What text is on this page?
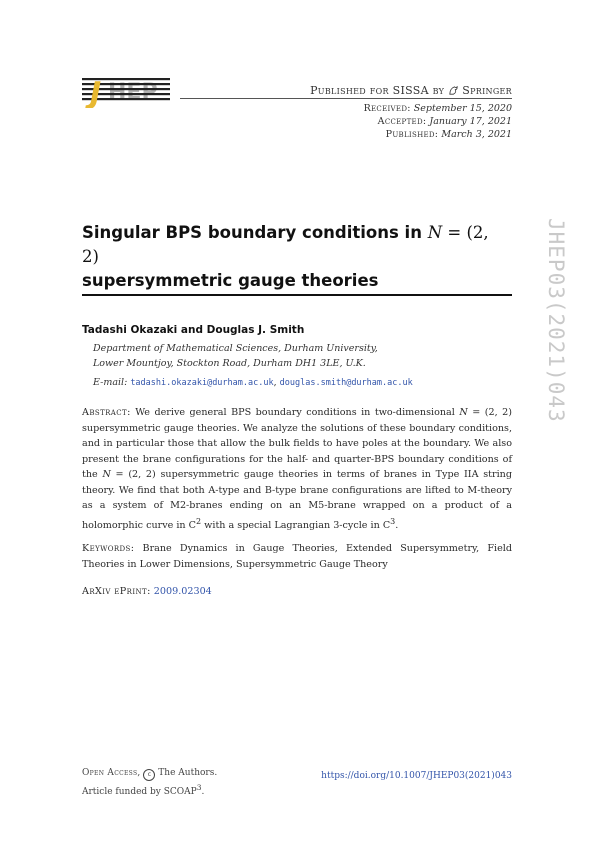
J HEP	Published for SISSA by Springer
Received: September 15, 2020
Accepted: January 17, 2021
Published: March 3, 2021
Singular BPS boundary conditions in N = (2, 2)
supersymmetric gauge theories
Tadashi Okazaki and Douglas J. Smith
Department of Mathematical Sciences, Durham University,
Lower Mountjoy, Stockton Road, Durham DH1 3LE, U.K.
E-mail: tadashi.okazaki@durham.ac.uk, douglas.smith@durham.ac.uk
Abstract: We derive general BPS boundary conditions in two-dimensional N = (2, 2) supersymmetric gauge theories. We analyze the solutions of these boundary conditions, and in particular those that allow the bulk fields to have poles at the boundary. We also present the brane configurations for the half- and quarter-BPS boundary conditions of the N = (2, 2) supersymmetric gauge theories in terms of branes in Type IIA string theory. We find that both A-type and B-type brane configurations are lifted to M-theory as a system of M2-branes ending on an M5-brane wrapped on a product of a holomorphic curve in $C^2$ with a special Lagrangian 3-cycle in $C^3$.
Keywords: Brane Dynamics in Gauge Theories, Extended Supersymmetry, Field Theories in Lower Dimensions, Supersymmetric Gauge Theory
ArXiv ePrint: 2009.02304
JHEP03(2021)043
Open Access, c The Authors.
Article funded by SCOAP$^3$.
https://doi.org/10.1007/JHEP03(2021)043
